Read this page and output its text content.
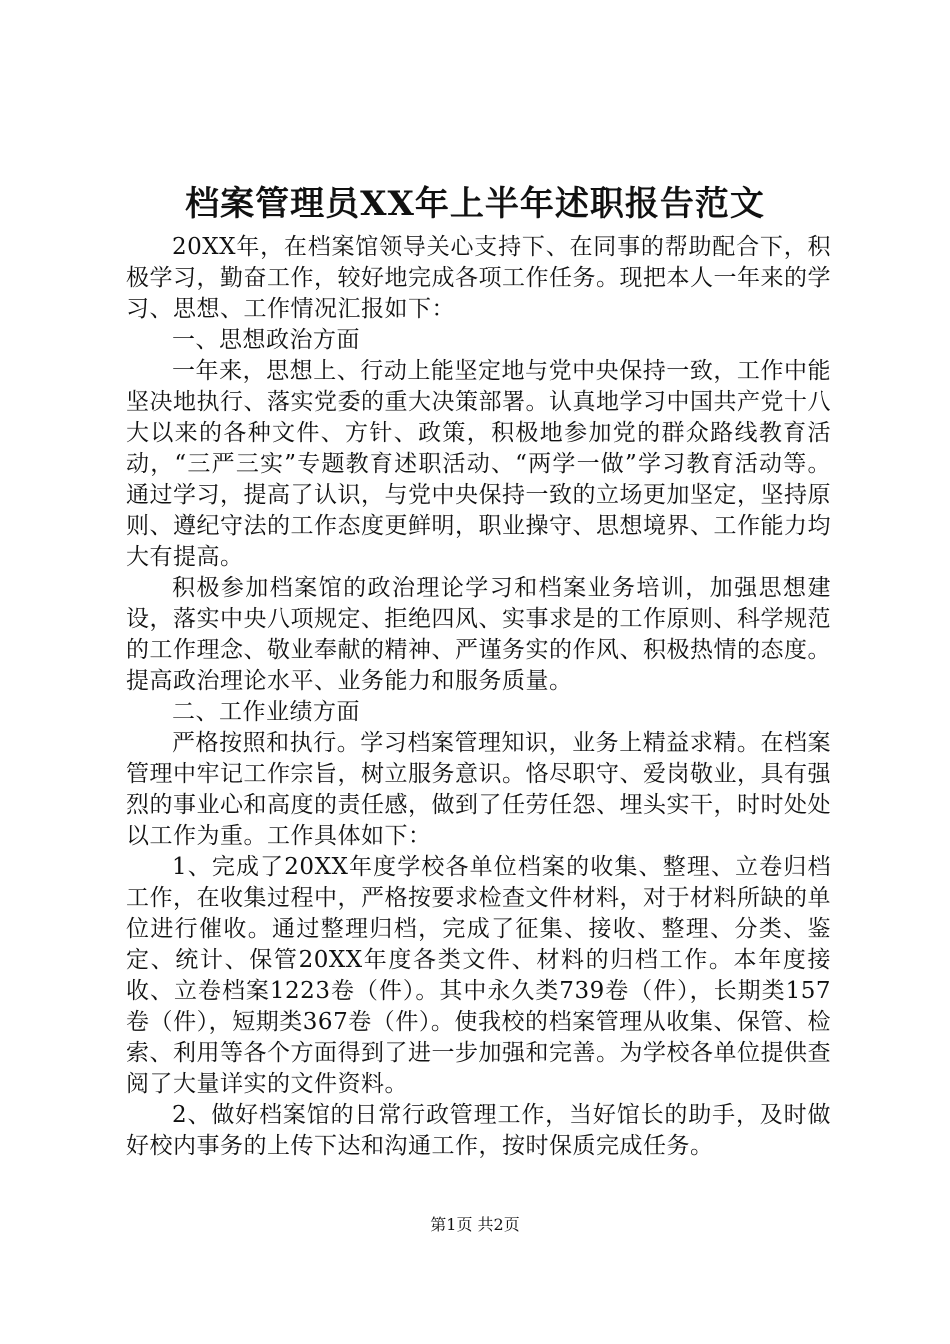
档案管理员XX年上半年述职报告范文

20XX年，在档案馆领导关心支持下、在同事的帮助配合下，积极学习，勤奋工作，较好地完成各项工作任务。现把本人一年来的学习、思想、工作情况汇报如下：

一、思想政治方面

一年来，思想上、行动上能坚定地与党中央保持一致，工作中能坚决地执行、落实党委的重大决策部署。认真地学习中国共产党十八大以来的各种文件、方针、政策，积极地参加党的群众路线教育活动，“三严三实”专题教育述职活动、“两学一做”学习教育活动等。通过学习，提高了认识，与党中央保持一致的立场更加坚定，坚持原则、遵纪守法的工作态度更鲜明，职业操守、思想境界、工作能力均大有提高。

积极参加档案馆的政治理论学习和档案业务培训，加强思想建设，落实中央八项规定、拒绝四风、实事求是的工作原则、科学规范的工作理念、敬业奉献的精神、严谨务实的作风、积极热情的态度。提高政治理论水平、业务能力和服务质量。

二、工作业绩方面

严格按照和执行。学习档案管理知识，业务上精益求精。在档案管理中牢记工作宗旨，树立服务意识。恪尽职守、爱岗敬业，具有强烈的事业心和高度的责任感，做到了任劳任怨、埋头实干，时时处处以工作为重。工作具体如下：

1、完成了20XX年度学校各单位档案的收集、整理、立卷归档工作，在收集过程中，严格按要求检查文件材料，对于材料所缺的单位进行催收。通过整理归档，完成了征集、接收、整理、分类、鉴定、统计、保管20XX年度各类文件、材料的归档工作。本年度接收、立卷档案1223卷（件）。其中永久类739卷（件），长期类157卷（件），短期类367卷（件）。使我校的档案管理从收集、保管、检索、利用等各个方面得到了进一步加强和完善。为学校各单位提供查阅了大量详实的文件资料。

2、做好档案馆的日常行政管理工作，当好馆长的助手，及时做好校内事务的上传下达和沟通工作，按时保质完成任务。

第1页 共2页
